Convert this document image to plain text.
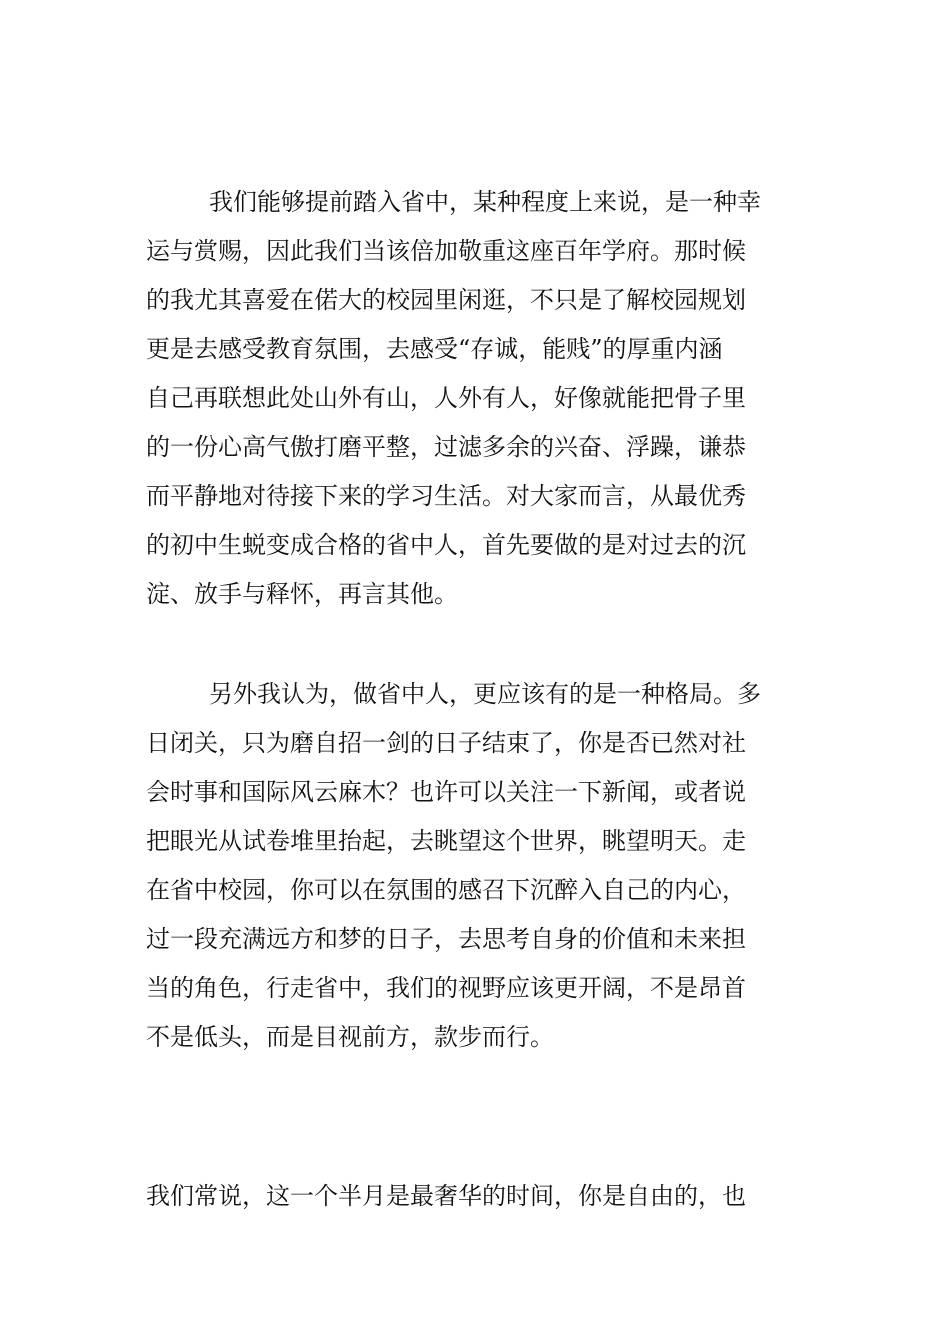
我们能够提前踏入省中，某种程度上来说，是一种幸
运与赏赐，因此我们当该倍加敬重这座百年学府。那时候
的我尤其喜爱在偌大的校园里闲逛，不只是了解校园规划
更是去感受教育氛围，去感受“存诚，能贱”的厚重内涵
自己再联想此处山外有山，人外有人，好像就能把骨子里
的一份心高气傲打磨平整，过滤多余的兴奋、浮躁，谦恭
而平静地对待接下来的学习生活。对大家而言，从最优秀
的初中生蜕变成合格的省中人，首先要做的是对过去的沉
淀、放手与释怀，再言其他。
另外我认为，做省中人，更应该有的是一种格局。多
日闭关，只为磨自招一剑的日子结束了，你是否已然对社
会时事和国际风云麻木？也许可以关注一下新闻，或者说
把眼光从试卷堆里抬起，去眺望这个世界，眺望明天。走
在省中校园，你可以在氛围的感召下沉醉入自己的内心，
过一段充满远方和梦的日子，去思考自身的价值和未来担
当的角色，行走省中，我们的视野应该更开阔，不是昂首
不是低头，而是目视前方，款步而行。
我们常说，这一个半月是最奢华的时间，你是自由的，也
